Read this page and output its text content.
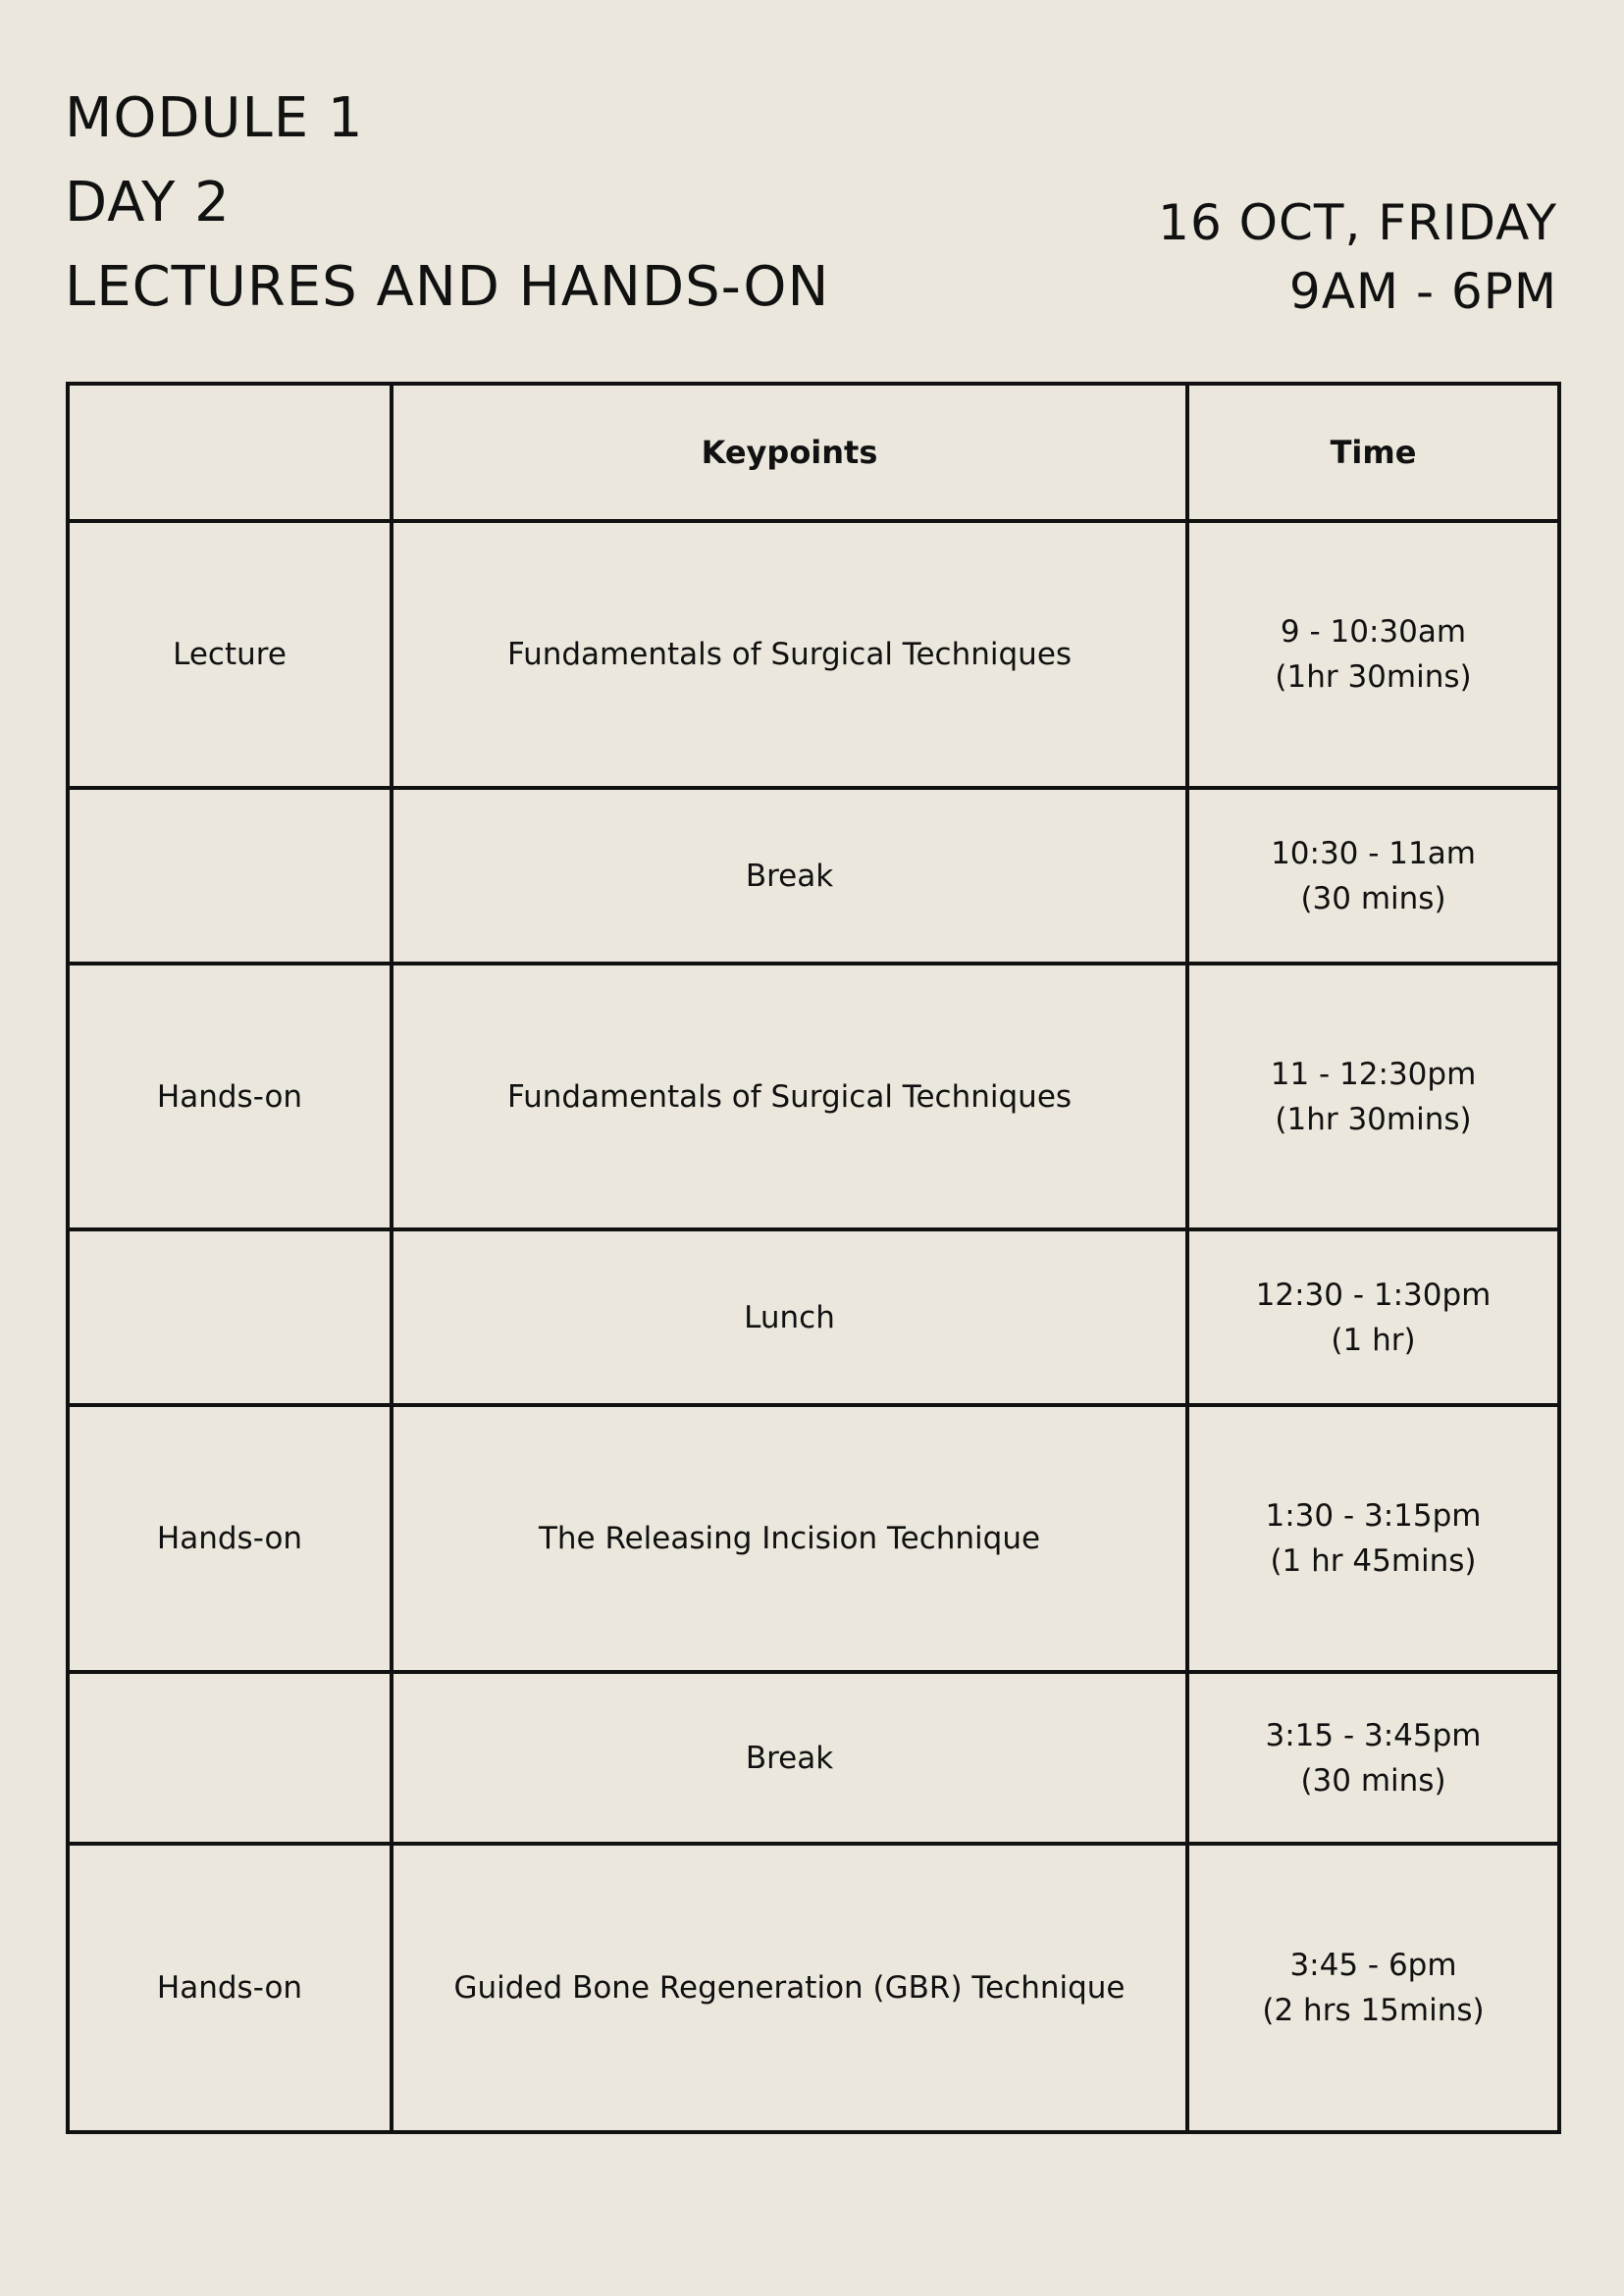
MODULE 1
DAY 2
LECTURES AND HANDS-ON
16 OCT, FRIDAY
9AM - 6PM
	Keypoints	Time
Lecture	Fundamentals of Surgical Techniques	9 - 10:30am
(1hr 30mins)

	Break	10:30 - 11am
(30 mins)

Hands-on	Fundamentals of Surgical Techniques	11 - 12:30pm
(1hr 30mins)

	Lunch	12:30 - 1:30pm
(1 hr)

Hands-on	The Releasing Incision Technique	1:30 - 3:15pm
(1 hr 45mins)

	Break	3:15 - 3:45pm
(30 mins)

Hands-on	Guided Bone Regeneration (GBR) Technique	3:45 - 6pm
(2 hrs 15mins)
